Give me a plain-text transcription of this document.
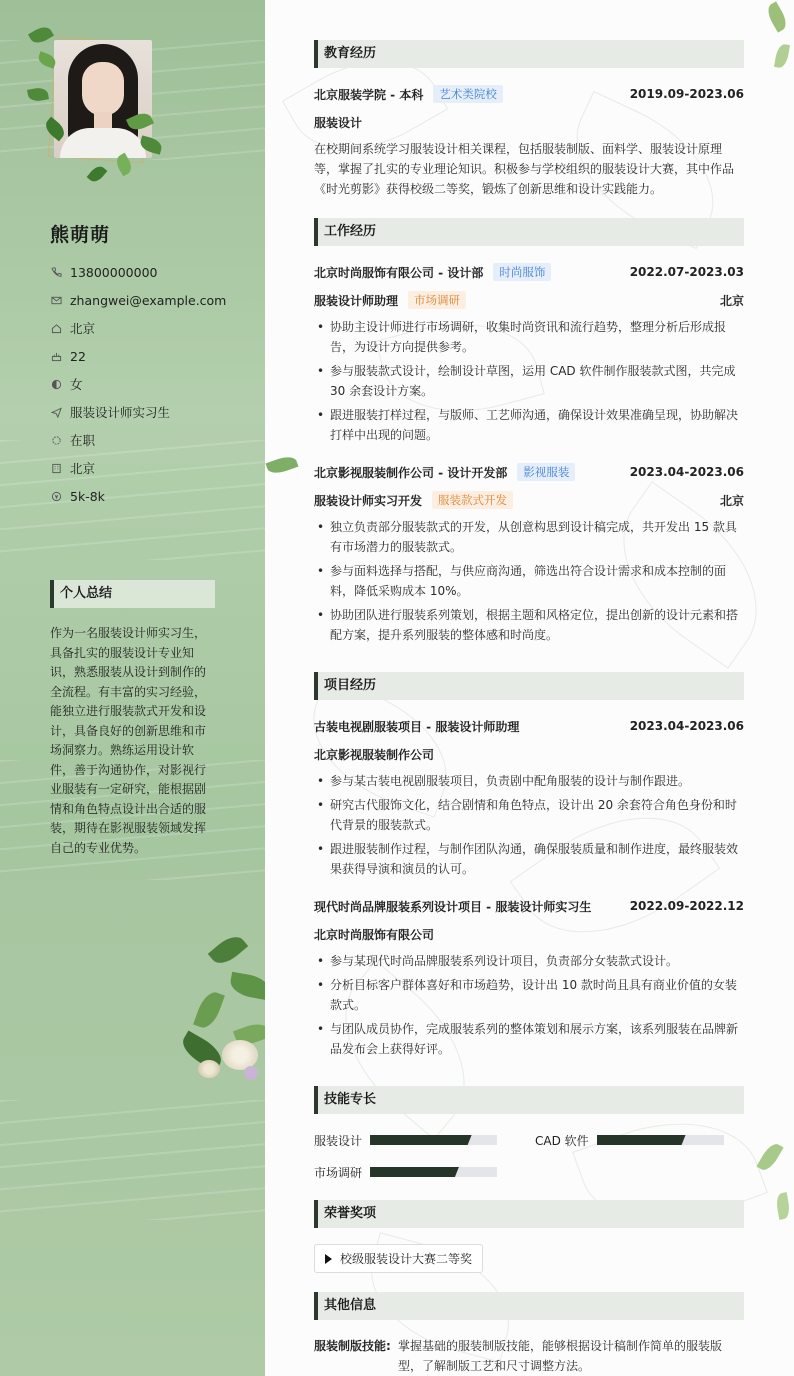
熊萌萌
13800000000
zhangwei@example.com
北京
22
女
服装设计师实习生
在职
北京
5k-8k
个人总结
作为一名服装设计师实习生，具备扎实的服装设计专业知识，熟悉服装从设计到制作的全流程。有丰富的实习经验，能独立进行服装款式开发和设计，具备良好的创新思维和市场洞察力。熟练运用设计软件，善于沟通协作，对影视行业服装有一定研究，能根据剧情和角色特点设计出合适的服装，期待在影视服装领域发挥自己的专业优势。
教育经历
北京服装学院 - 本科	艺术类院校	2019.09-2023.06
服装设计
在校期间系统学习服装设计相关课程，包括服装制版、面料学、服装设计原理等，掌握了扎实的专业理论知识。积极参与学校组织的服装设计大赛，其中作品《时光剪影》获得校级二等奖，锻炼了创新思维和设计实践能力。
工作经历
北京时尚服饰有限公司 - 设计部	时尚服饰	2022.07-2023.03
服装设计师助理	市场调研	北京
• 协助主设计师进行市场调研，收集时尚资讯和流行趋势，整理分析后形成报告，为设计方向提供参考。
• 参与服装款式设计，绘制设计草图，运用 CAD 软件制作服装款式图，共完成 30 余套设计方案。
• 跟进服装打样过程，与版师、工艺师沟通，确保设计效果准确呈现，协助解决打样中出现的问题。
北京影视服装制作公司 - 设计开发部	影视服装	2023.04-2023.06
服装设计师实习开发	服装款式开发	北京
• 独立负责部分服装款式的开发，从创意构思到设计稿完成，共开发出 15 款具有市场潜力的服装款式。
• 参与面料选择与搭配，与供应商沟通，筛选出符合设计需求和成本控制的面料，降低采购成本 10%。
• 协助团队进行服装系列策划，根据主题和风格定位，提出创新的设计元素和搭配方案，提升系列服装的整体感和时尚度。
项目经历
古装电视剧服装项目 - 服装设计师助理	2023.04-2023.06
北京影视服装制作公司
• 参与某古装电视剧服装项目，负责剧中配角服装的设计与制作跟进。
• 研究古代服饰文化，结合剧情和角色特点，设计出 20 余套符合角色身份和时代背景的服装款式。
• 跟进服装制作过程，与制作团队沟通，确保服装质量和制作进度，最终服装效果获得导演和演员的认可。
现代时尚品牌服装系列设计项目 - 服装设计师实习生	2022.09-2022.12
北京时尚服饰有限公司
• 参与某现代时尚品牌服装系列设计项目，负责部分女装款式设计。
• 分析目标客户群体喜好和市场趋势，设计出 10 款时尚且具有商业价值的女装款式。
• 与团队成员协作，完成服装系列的整体策划和展示方案，该系列服装在品牌新品发布会上获得好评。
技能专长
服装设计	CAD 软件
市场调研
荣誉奖项
校级服装设计大赛二等奖
其他信息
服装制版技能: 掌握基础的服装制版技能，能够根据设计稿制作简单的服装版型，了解制版工艺和尺寸调整方法。
